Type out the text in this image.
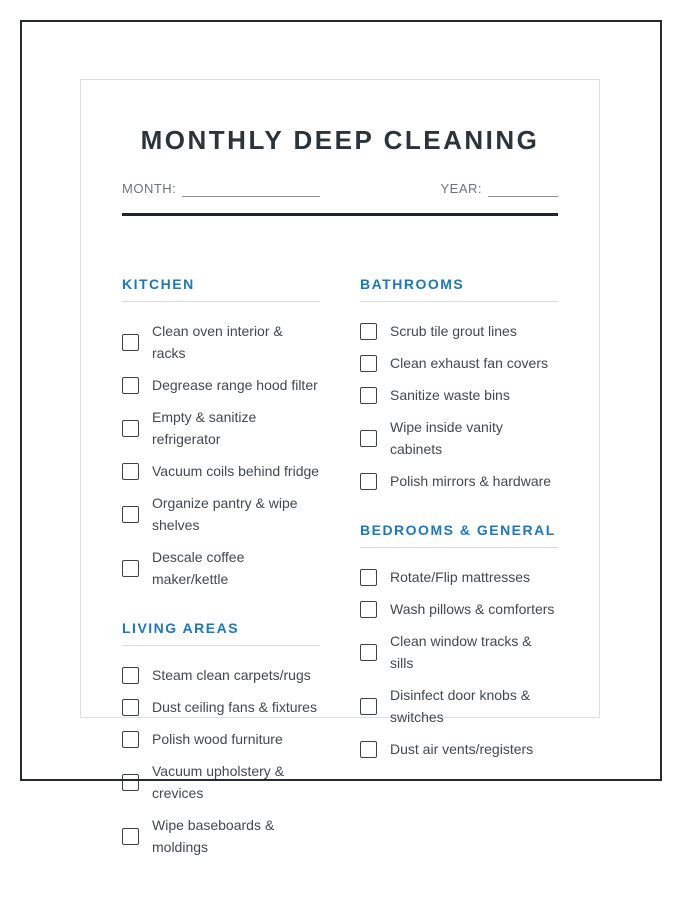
MONTHLY DEEP CLEANING
MONTH:	YEAR:
KITCHEN
Clean oven interior & racks
Degrease range hood filter
Empty & sanitize refrigerator
Vacuum coils behind fridge
Organize pantry & wipe shelves
Descale coffee maker/kettle
LIVING AREAS
Steam clean carpets/rugs
Dust ceiling fans & fixtures
Polish wood furniture
Vacuum upholstery & crevices
Wipe baseboards & moldings
BATHROOMS
Scrub tile grout lines
Clean exhaust fan covers
Sanitize waste bins
Wipe inside vanity cabinets
Polish mirrors & hardware
BEDROOMS & GENERAL
Rotate/Flip mattresses
Wash pillows & comforters
Clean window tracks & sills
Disinfect door knobs & switches
Dust air vents/registers
